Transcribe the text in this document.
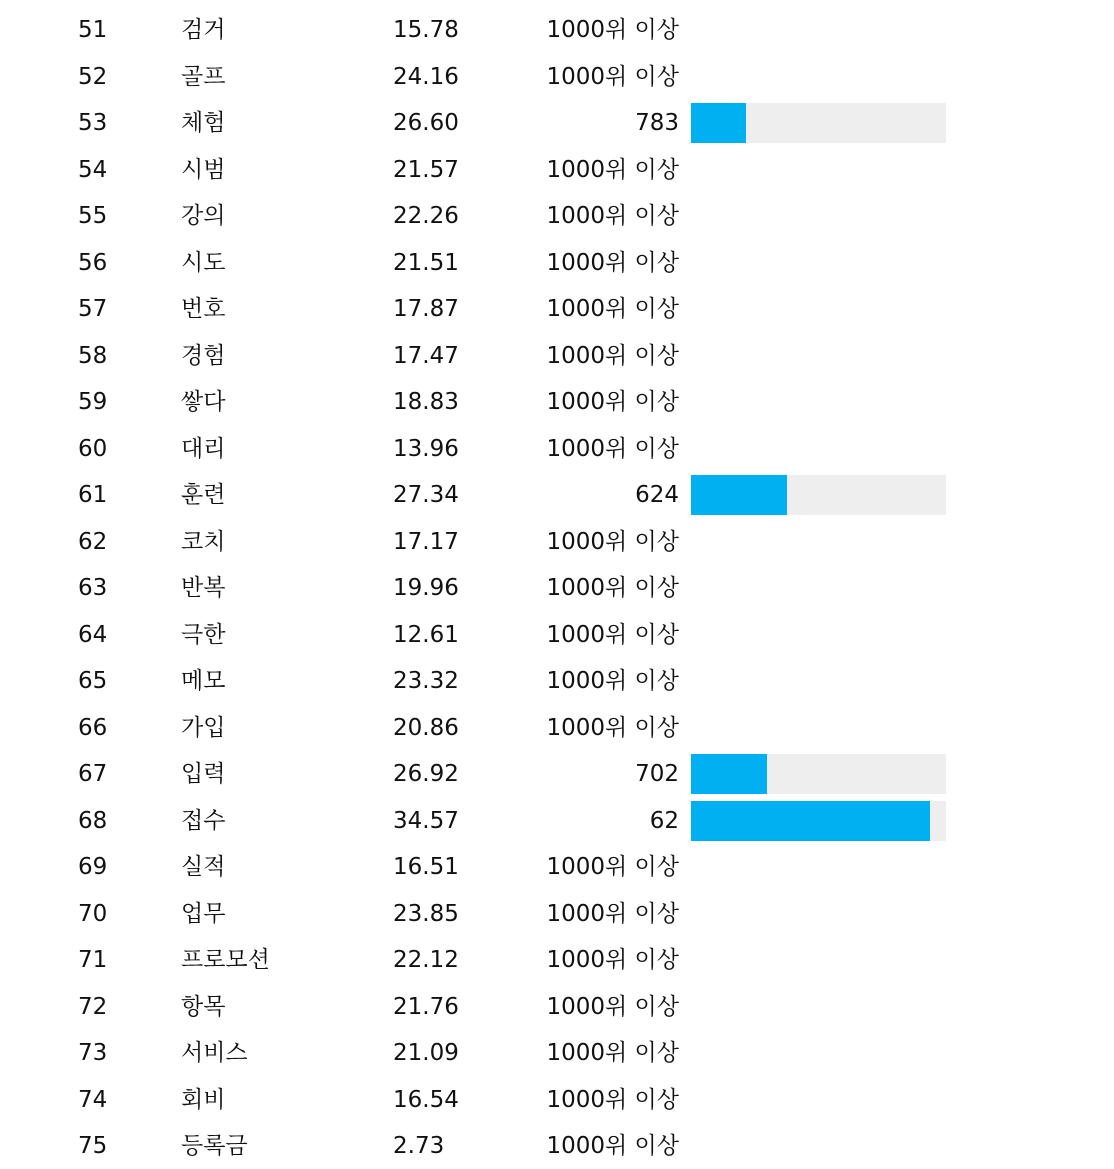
51	검거	15.78	1000위 이상
52	골프	24.16	1000위 이상
53	체험	26.60	783
54	시범	21.57	1000위 이상
55	강의	22.26	1000위 이상
56	시도	21.51	1000위 이상
57	번호	17.87	1000위 이상
58	경험	17.47	1000위 이상
59	쌓다	18.83	1000위 이상
60	대리	13.96	1000위 이상
61	훈련	27.34	624
62	코치	17.17	1000위 이상
63	반복	19.96	1000위 이상
64	극한	12.61	1000위 이상
65	메모	23.32	1000위 이상
66	가입	20.86	1000위 이상
67	입력	26.92	702
68	접수	34.57	62
69	실적	16.51	1000위 이상
70	업무	23.85	1000위 이상
71	프로모션	22.12	1000위 이상
72	항목	21.76	1000위 이상
73	서비스	21.09	1000위 이상
74	회비	16.54	1000위 이상
75	등록금	2.73	1000위 이상
